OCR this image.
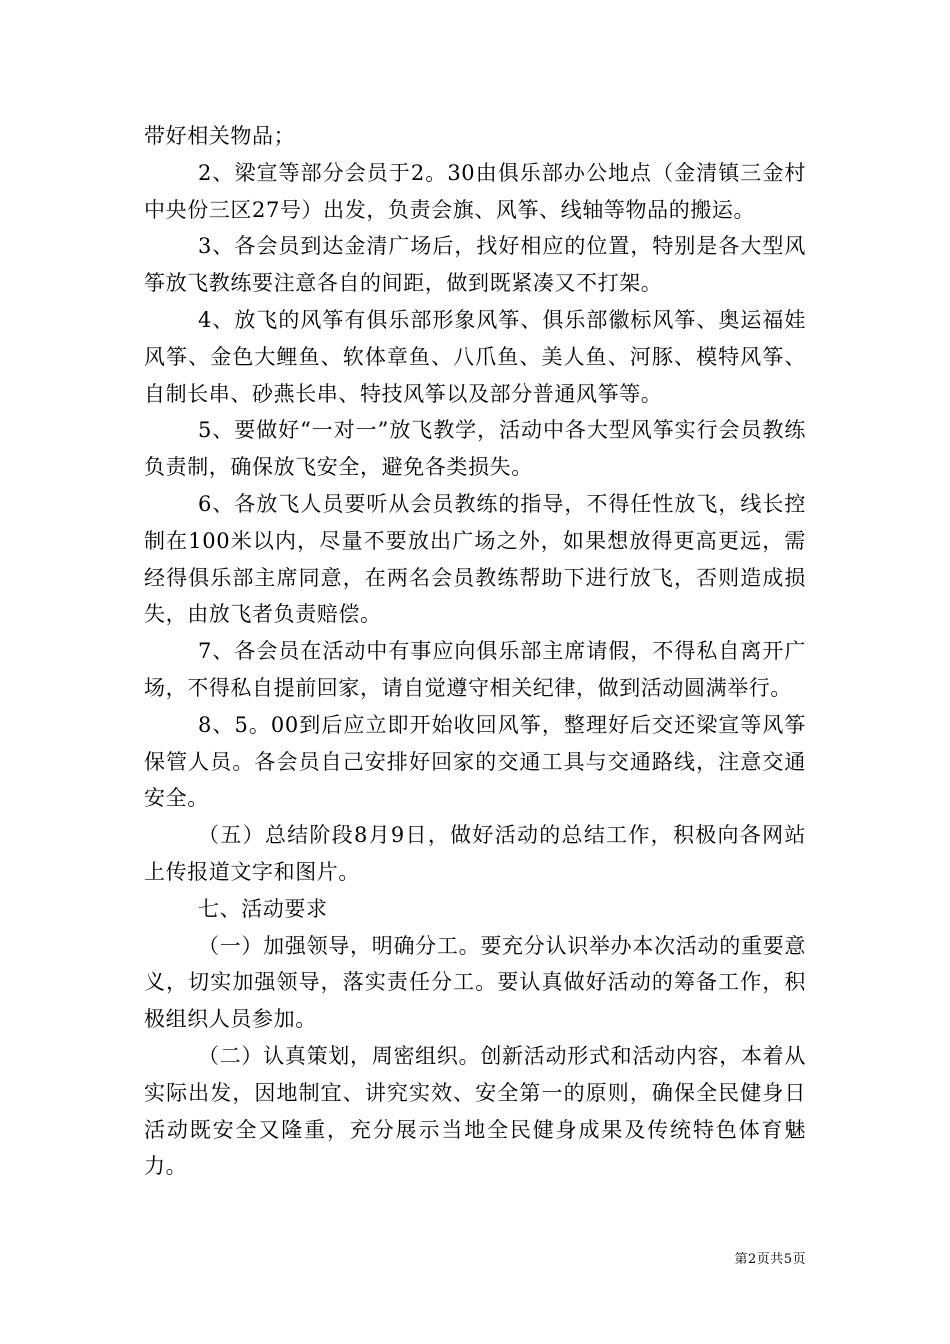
带好相关物品；

2、梁宣等部分会员于2。30由俱乐部办公地点（金清镇三金村中央份三区27号）出发，负责会旗、风筝、线轴等物品的搬运。

3、各会员到达金清广场后，找好相应的位置，特别是各大型风筝放飞教练要注意各自的间距，做到既紧凑又不打架。

4、放飞的风筝有俱乐部形象风筝、俱乐部徽标风筝、奥运福娃风筝、金色大鲤鱼、软体章鱼、八爪鱼、美人鱼、河豚、模特风筝、自制长串、砂燕长串、特技风筝以及部分普通风筝等。

5、要做好“一对一”放飞教学，活动中各大型风筝实行会员教练负责制，确保放飞安全，避免各类损失。

6、各放飞人员要听从会员教练的指导，不得任性放飞，线长控制在100米以内，尽量不要放出广场之外，如果想放得更高更远，需经得俱乐部主席同意，在两名会员教练帮助下进行放飞，否则造成损失，由放飞者负责赔偿。

7、各会员在活动中有事应向俱乐部主席请假，不得私自离开广场，不得私自提前回家，请自觉遵守相关纪律，做到活动圆满举行。

8、5。00到后应立即开始收回风筝，整理好后交还梁宣等风筝保管人员。各会员自己安排好回家的交通工具与交通路线，注意交通安全。

（五）总结阶段8月9日，做好活动的总结工作，积极向各网站上传报道文字和图片。

七、活动要求

（一）加强领导，明确分工。要充分认识举办本次活动的重要意义，切实加强领导，落实责任分工。要认真做好活动的筹备工作，积极组织人员参加。

（二）认真策划，周密组织。创新活动形式和活动内容，本着从实际出发，因地制宜、讲究实效、安全第一的原则，确保全民健身日活动既安全又隆重，充分展示当地全民健身成果及传统特色体育魅力。

第2页共5页
